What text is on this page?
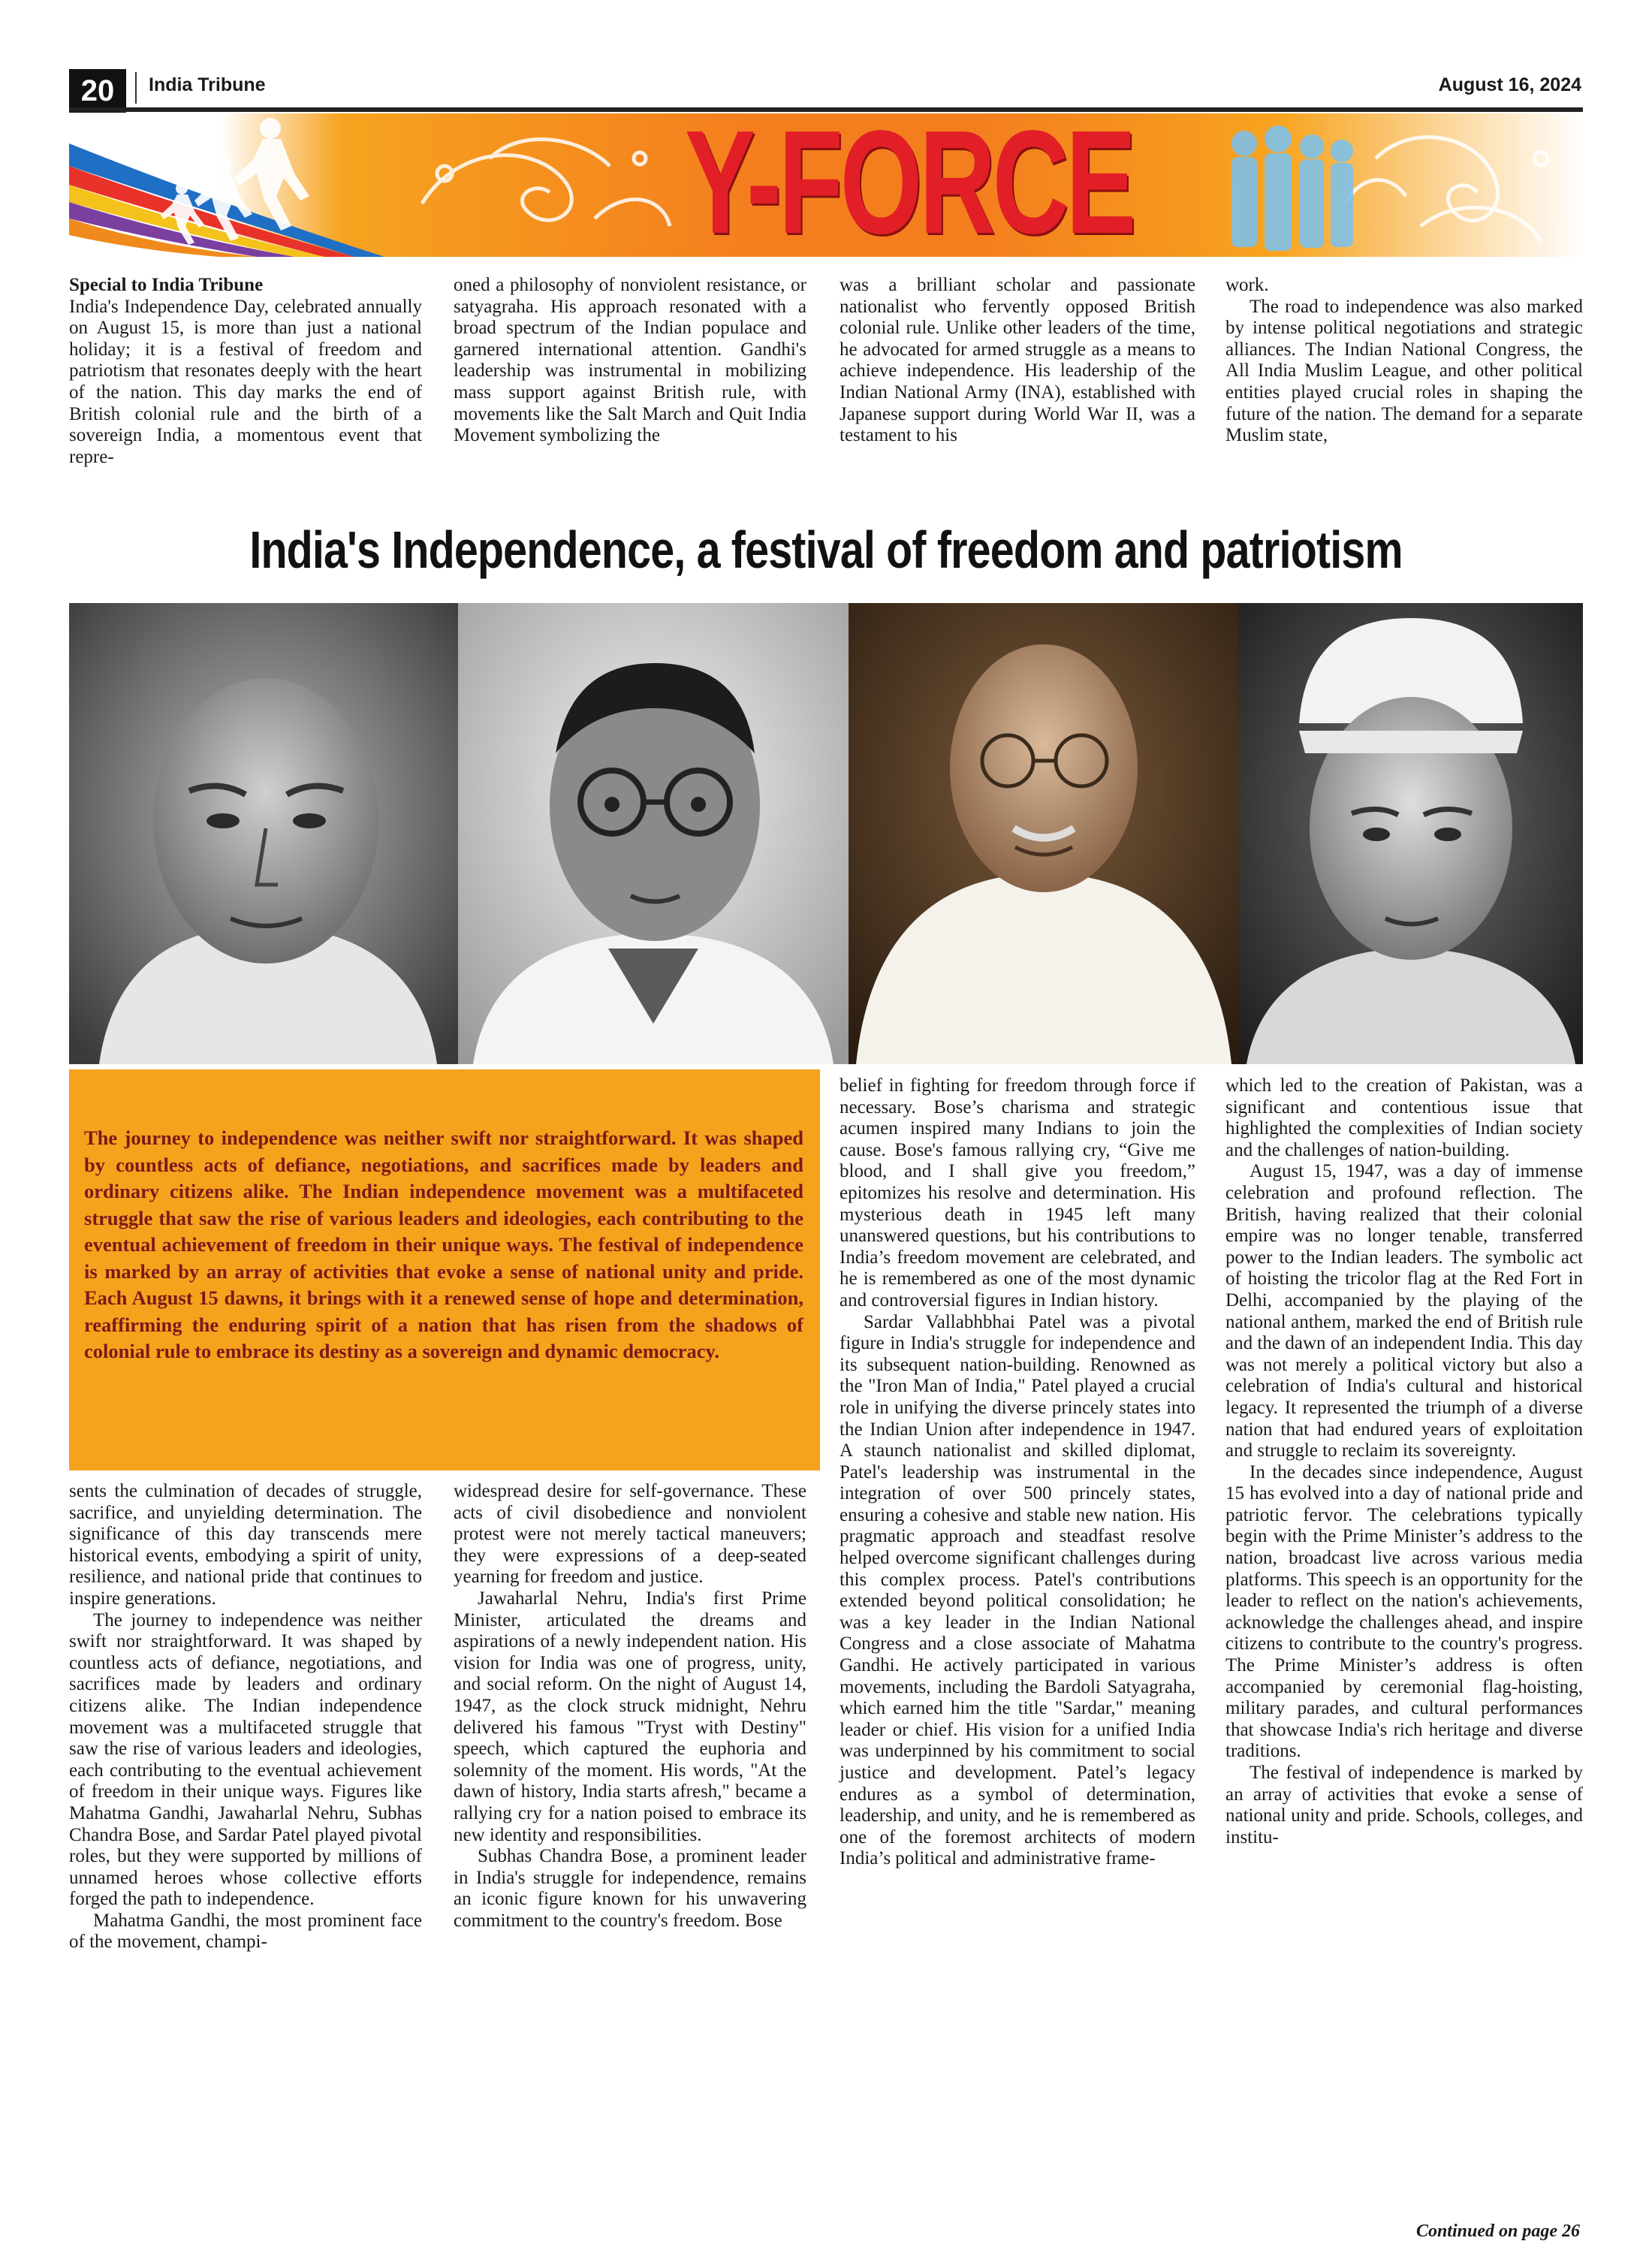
20	India Tribune	August 16, 2024
Y-FORCE

Special to India Tribune

India's Independence Day, celebrated annually on August 15, is more than just a national holiday; it is a festival of freedom and patriotism that resonates deeply with the heart of the nation. This day marks the end of British colonial rule and the birth of a sovereign India, a momentous event that repre-

oned a philosophy of nonviolent resistance, or satyagraha. His approach resonated with a broad spectrum of the Indian populace and garnered international attention. Gandhi's leadership was instrumental in mobilizing mass support against British rule, with movements like the Salt March and Quit India Movement symbolizing the

was a brilliant scholar and passionate nationalist who fervently opposed British colonial rule. Unlike other leaders of the time, he advocated for armed struggle as a means to achieve independence. His leadership of the Indian National Army (INA), established with Japanese support during World War II, was a testament to his

work.

The road to independence was also marked by intense political negotiations and strategic alliances. The Indian National Congress, the All India Muslim League, and other political entities played crucial roles in shaping the future of the nation. The demand for a separate Muslim state,

India's Independence, a festival of freedom and patriotism
The journey to independence was neither swift nor straightforward. It was shaped by countless acts of defiance, negotiations, and sacrifices made by leaders and ordinary citizens alike. The Indian independence movement was a multifaceted struggle that saw the rise of various leaders and ideologies, each contributing to the eventual achievement of freedom in their unique ways. The festival of independence is marked by an array of activities that evoke a sense of national unity and pride. Each August 15 dawns, it brings with it a renewed sense of hope and determination, reaffirming the enduring spirit of a nation that has risen from the shadows of colonial rule to embrace its destiny as a sovereign and dynamic democracy.

sents the culmination of decades of struggle, sacrifice, and unyielding determination. The significance of this day transcends mere historical events, embodying a spirit of unity, resilience, and national pride that continues to inspire generations.

The journey to independence was neither swift nor straightforward. It was shaped by countless acts of defiance, negotiations, and sacrifices made by leaders and ordinary citizens alike. The Indian independence movement was a multifaceted struggle that saw the rise of various leaders and ideologies, each contributing to the eventual achievement of freedom in their unique ways. Figures like Mahatma Gandhi, Jawaharlal Nehru, Subhas Chandra Bose, and Sardar Patel played pivotal roles, but they were supported by millions of unnamed heroes whose collective efforts forged the path to independence.

Mahatma Gandhi, the most prominent face of the movement, champi-

widespread desire for self-governance. These acts of civil disobedience and nonviolent protest were not merely tactical maneuvers; they were expressions of a deep-seated yearning for freedom and justice.

Jawaharlal Nehru, India's first Prime Minister, articulated the dreams and aspirations of a newly independent nation. His vision for India was one of progress, unity, and social reform. On the night of August 14, 1947, as the clock struck midnight, Nehru delivered his famous "Tryst with Destiny" speech, which captured the euphoria and solemnity of the moment. His words, "At the dawn of history, India starts afresh," became a rallying cry for a nation poised to embrace its new identity and responsibilities.

Subhas Chandra Bose, a prominent leader in India's struggle for independence, remains an iconic figure known for his unwavering commitment to the country's freedom. Bose

belief in fighting for freedom through force if necessary. Bose’s charisma and strategic acumen inspired many Indians to join the cause. Bose's famous rallying cry, “Give me blood, and I shall give you freedom,” epitomizes his resolve and determination. His mysterious death in 1945 left many unanswered questions, but his contributions to India’s freedom movement are celebrated, and he is remembered as one of the most dynamic and controversial figures in Indian history.

Sardar Vallabhbhai Patel was a pivotal figure in India's struggle for independence and its subsequent nation-building. Renowned as the "Iron Man of India," Patel played a crucial role in unifying the diverse princely states into the Indian Union after independence in 1947. A staunch nationalist and skilled diplomat, Patel's leadership was instrumental in the integration of over 500 princely states, ensuring a cohesive and stable new nation. His pragmatic approach and steadfast resolve helped overcome significant challenges during this complex process. Patel's contributions extended beyond political consolidation; he was a key leader in the Indian National Congress and a close associate of Mahatma Gandhi. He actively participated in various movements, including the Bardoli Satyagraha, which earned him the title "Sardar," meaning leader or chief. His vision for a unified India was underpinned by his commitment to social justice and development. Patel’s legacy endures as a symbol of determination, leadership, and unity, and he is remembered as one of the foremost architects of modern India’s political and administrative frame-

which led to the creation of Pakistan, was a significant and contentious issue that highlighted the complexities of Indian society and the challenges of nation-building.

August 15, 1947, was a day of immense celebration and profound reflection. The British, having realized that their colonial empire was no longer tenable, transferred power to the Indian leaders. The symbolic act of hoisting the tricolor flag at the Red Fort in Delhi, accompanied by the playing of the national anthem, marked the end of British rule and the dawn of an independent India. This day was not merely a political victory but also a celebration of India's cultural and historical legacy. It represented the triumph of a diverse nation that had endured years of exploitation and struggle to reclaim its sovereignty.

In the decades since independence, August 15 has evolved into a day of national pride and patriotic fervor. The celebrations typically begin with the Prime Minister’s address to the nation, broadcast live across various media platforms. This speech is an opportunity for the leader to reflect on the nation's achievements, acknowledge the challenges ahead, and inspire citizens to contribute to the country's progress. The Prime Minister’s address is often accompanied by ceremonial flag-hoisting, military parades, and cultural performances that showcase India's rich heritage and diverse traditions.

The festival of independence is marked by an array of activities that evoke a sense of national unity and pride. Schools, colleges, and institu-

Continued on page 26
